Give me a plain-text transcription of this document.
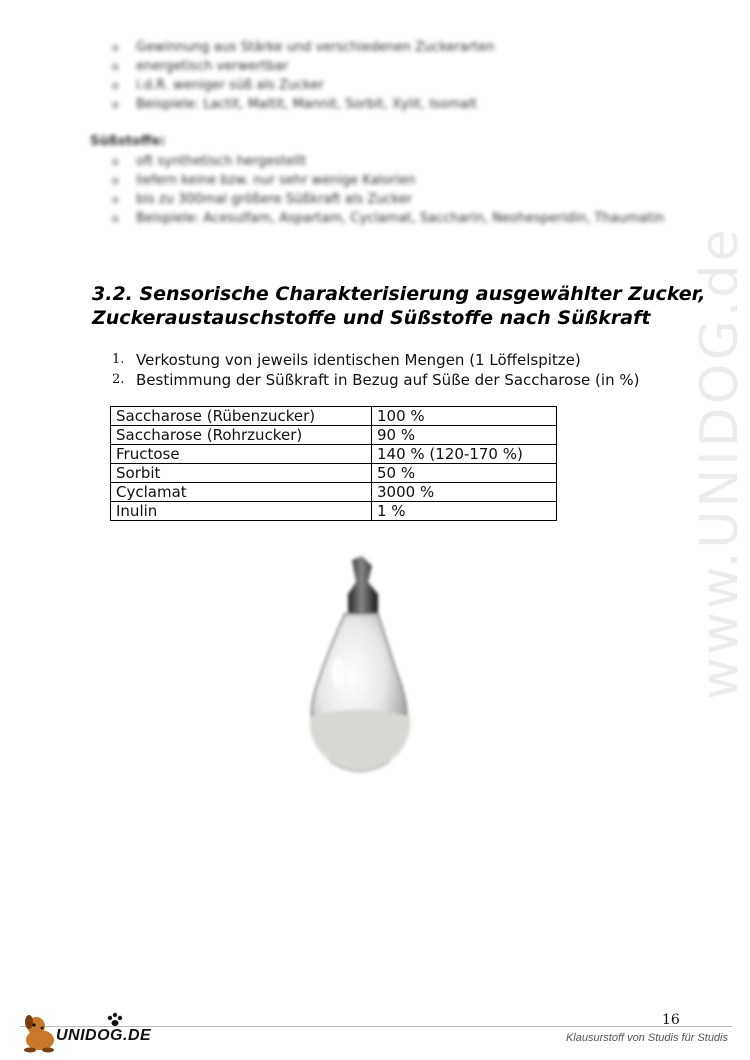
o Gewinnung aus Stärke und verschiedenen Zuckerarten
o energetisch verwertbar
o i.d.R. weniger süß als Zucker
o Beispiele: Lactit, Maltit, Mannit, Sorbit, Xylit, Isomalt
Süßstoffe:
o oft synthetisch hergestellt
o liefern keine bzw. nur sehr wenige Kalorien
o bis zu 300mal größere Süßkraft als Zucker
o Beispiele: Acesulfam, Aspartam, Cyclamat, Saccharin, Neohesperidin, Thaumatin
3.2. Sensorische Charakterisierung ausgewählter Zucker,
Zuckeraustauschstoffe und Süßstoffe nach Süßkraft
1. Verkostung von jeweils identischen Mengen (1 Löffelspitze)
2. Bestimmung der Süßkraft in Bezug auf Süße der Saccharose (in %)
Saccharose (Rübenzucker)	100 %
Saccharose (Rohrzucker)	90 %
Fructose	140 % (120-170 %)
Sorbit	50 %
Cyclamat	3000 %
Inulin	1 %	www.UNIDOG.de
16
Klausurstoff von Studis für Studis
UNIDOG.DE
